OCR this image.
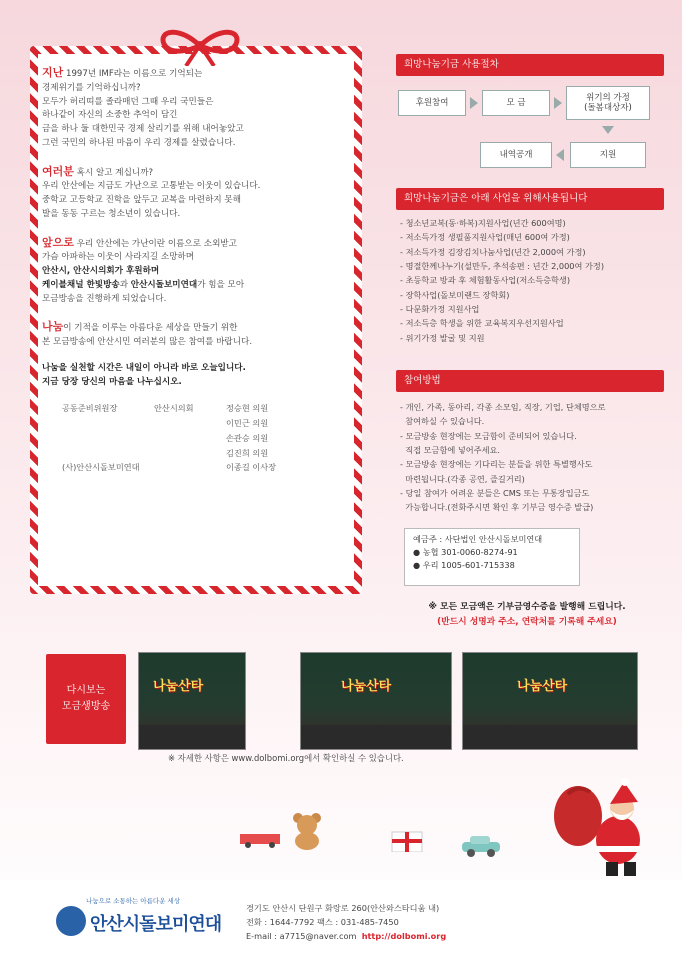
지난 1997년 IMF라는 이름으로 기억되는
경제위기를 기억하십니까?
모두가 허리띠를 졸라매던 그때 우리 국민들은
하나같이 자신의 소중한 추억이 담긴
금을 하나 둘 대한민국 경제 살리기를 위해 내어놓았고
그런 국민의 하나된 마음이 우리 경제를 살렸습니다.

여러분 혹시 알고 계십니까?
우리 안산에는 지금도 가난으로 고통받는 이웃이 있습니다.
중학교 고등학교 진학을 앞두고 교복을 마련하지 못해
발을 동동 구르는 청소년이 있습니다.

앞으로 우리 안산에는 가난이란 이름으로 소외받고
가슴 아파하는 이웃이 사라지길 소망하며
안산시, 안산시의회가 후원하며
케이블채널 한빛방송과 안산시돌보미연대가 힘을 모아
모금방송을 진행하게 되었습니다.

나눔이 기적을 이루는 아름다운 세상을 만들기 위한
본 모금방송에 안산시민 여러분의 많은 참여를 바랍니다.

나눔을 실천할 시간은 내일이 아니라 바로 오늘입니다.
지금 당장 당신의 마음을 나누십시오.

공동준비위원장	안산시의회	정승현 의원
이민근 의원
손관승 의원
김진희 의원
(사)안산시돌보미연대	이종길 이사장
희망나눔기금 사용절차
후원참여	모 금
위기의 가정
(돌봄대상자)
지원
내역공개
희망나눔기금은 아래 사업을 위해사용됩니다
- 청소년교복(동·하복)지원사업(년간 600여명)
- 저소득가정 생필품지원사업(매년 600여 가정)
- 저소득가정 김장김치나눔사업(년간 2,000여 가정)
- 명절한께나누기(설만두, 추석송편 : 년간 2,000여 가정)
- 초등학교 방과 후 체험활동사업(저소득층학생)
- 장학사업(돌보미랜드 장학회)
- 다문화가정 지원사업
- 저소득층 학생을 위한 교육복지우선지원사업
- 위기가정 발굴 및 지원
참여방법
- 개인, 가족, 동아리, 각종 소모임, 직장, 기업, 단체명으로
참여하실 수 있습니다.
- 모금방송 현장에는 모금함이 준비되어 있습니다.
직접 모금함에 넣어주세요.
- 모금방송 현장에는 기다리는 분들을 위한 특별행사도
마련됩니다.(각종 공연, 즐길거리)
- 당일 참여가 어려운 분들은 CMS 또는 무통장입금도
가능합니다.(전화주시면 확인 후 기부금 영수증 발급)
예금주 : 사단법인 안산시돌보미연대
● 농협 301-0060-8274-91
● 우리 1005-601-715338
※ 모든 모금액은 기부금영수증을 발행해 드립니다.
(반드시 성명과 주소, 연락처를 기록해 주세요)
다시보는
모금생방송
나눔산타	나눔산타	나눔산타
※ 자세한 사항은 www.dolbomi.org에서 확인하실 수 있습니다.
나눔으로 소통하는 아름다운 세상
안산시돌보미연대
경기도 안산시 단원구 화랑로 260(안산와스타디움 내)
전화 : 1644-7792 팩스 : 031-485-7450
E-mail : a7715@naver.com http://dolbomi.org
